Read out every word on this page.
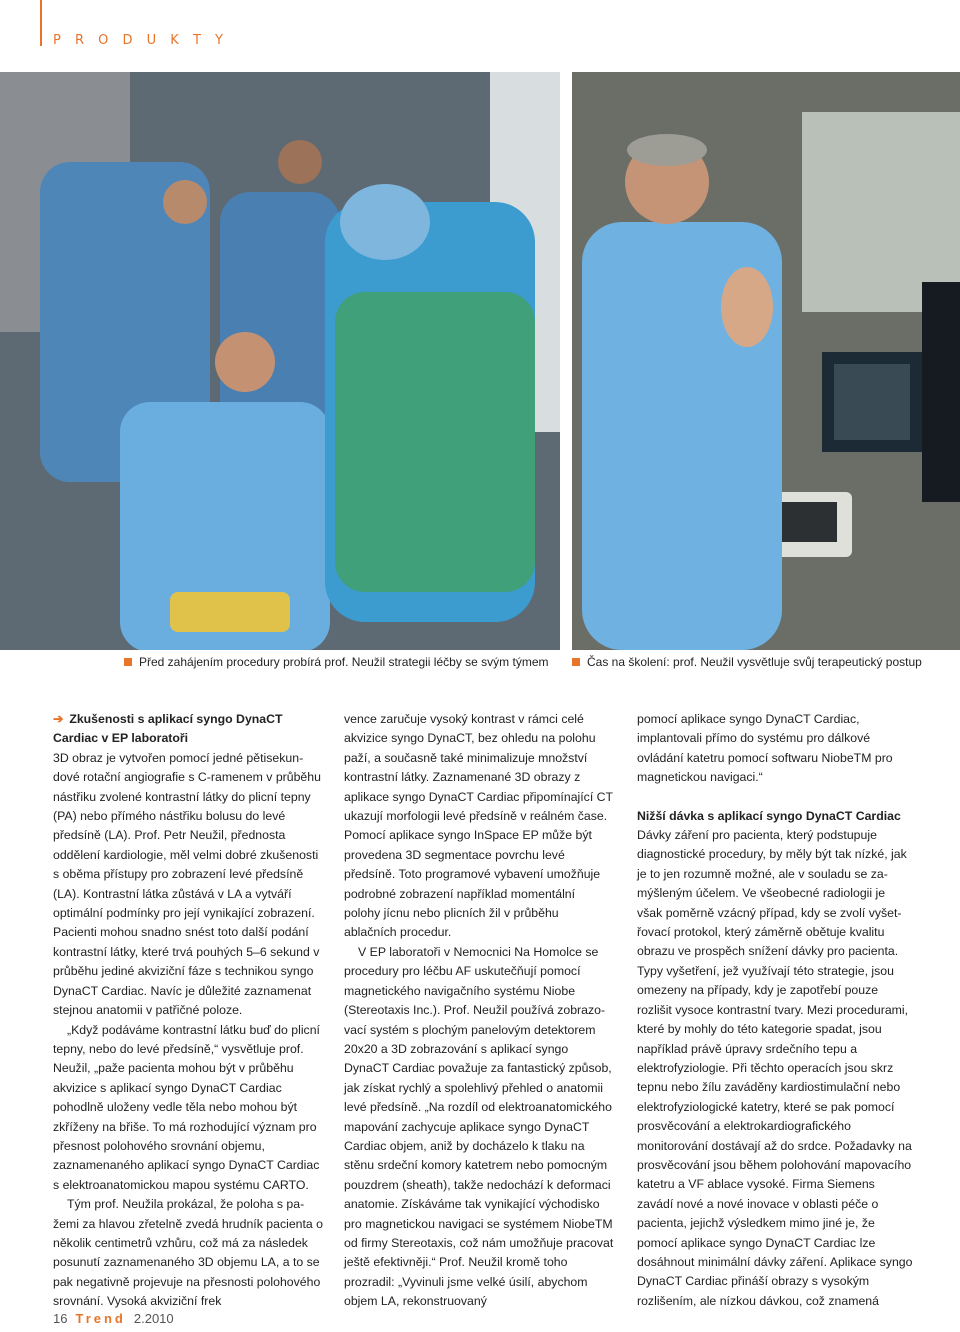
P R O D U K T Y
Před zahájením procedury probírá prof. Neužil strategii léčby se svým týmem	Čas na školení: prof. Neužil vysvětluje svůj terapeutický postup

➔ Zkušenosti s aplikací syngo DynaCT
Cardiac v EP laboratoři

3D obraz je vytvořen pomocí jedné pětisekundové rotační angiografie s C-ramenem v průběhu nástřiku zvolené kontrastní látky do plicní tepny (PA) nebo přímého nástřiku bolusu do levé předsíně (LA). Prof. Petr Neužil, přednosta oddělení kardiologie, měl velmi dobré zkušenosti s oběma přístupy pro zobrazení levé předsíně (LA). Kontrastní látka zůstává v LA a vytváří optimální podmínky pro její vynikající zobrazení. Pacienti mohou snadno snést toto další podání kontrastní látky, které trvá pouhých 5–6 sekund v průběhu jediné akviziční fáze s technikou syngo DynaCT Cardiac. Navíc je důležité zaznamenat stejnou anatomii v patřičné poloze.

„Když podáváme kontrastní látku buď do plicní tepny, nebo do levé předsíně,“ vysvětluje prof. Neužil, „paže pacienta mohou být v průběhu akvizice s aplikací syngo DynaCT Cardiac pohodlně uloženy vedle těla nebo mohou být zkříženy na břiše. To má rozhodující význam pro přesnost polohového srovnání objemu, zaznamenaného aplikací syngo DynaCT Cardiac s elektroanatomickou mapou systému CARTO.

Tým prof. Neužila prokázal, že poloha s pažemi za hlavou zřetelně zvedá hrudník pacienta o několik centimetrů vzhůru, což má za následek posunutí zaznamenaného 3D objemu LA, a to se pak negativně projevuje na přesnosti polohového srovnání. Vysoká akviziční frek

vence zaručuje vysoký kontrast v rámci celé akvizice syngo DynaCT, bez ohledu na polohu paží, a současně také minimalizuje množství kontrastní látky. Zaznamenané 3D obrazy z aplikace syngo DynaCT Cardiac připomínající CT ukazují morfologii levé předsíně v reálném čase. Pomocí aplikace syngo InSpace EP může být provedena 3D segmentace povrchu levé předsíně. Toto programové vybavení umožňuje podrobné zobrazení například momentální polohy jícnu nebo plicních žil v průběhu ablačních procedur.

V EP laboratoři v Nemocnici Na Homolce se procedury pro léčbu AF uskutečňují pomocí magnetického navigačního systému Niobe (Stereotaxis Inc.). Prof. Neužil používá zobrazovací systém s plochým panelovým detektorem 20x20 a 3D zobrazování s aplikací syngo DynaCT Cardiac považuje za fantastický způsob, jak získat rychlý a spolehlivý přehled o anatomii levé předsíně. „Na rozdíl od elektroanatomického mapování zachycuje aplikace syngo DynaCT Cardiac objem, aniž by docházelo k tlaku na stěnu srdeční komory katetrem nebo pomocným pouzdrem (sheath), takže nedochází k deformaci anatomie. Získáváme tak vynikající východisko pro magnetickou navigaci se systémem NiobeTM od firmy Stereotaxis, což nám umožňuje pracovat ještě efektivněji.“ Prof. Neužil kromě toho prozradil: „Vyvinuli jsme velké úsilí, abychom objem LA, rekonstruovaný

pomocí aplikace syngo DynaCT Cardiac, implantovali přímo do systému pro dálkové ovládání katetru pomocí softwaru NiobeTM pro magnetickou navigaci.“

Nižší dávka s aplikací syngo DynaCT Cardiac

Dávky záření pro pacienta, který podstupuje diagnostické procedury, by měly být tak nízké, jak je to jen rozumně možné, ale v souladu se zamýšleným účelem. Ve všeobecné radiologii je však poměrně vzácný případ, kdy se zvolí vyšetřovací protokol, který záměrně obětuje kvalitu obrazu ve prospěch snížení dávky pro pacienta. Typy vyšetření, jež využívají této strategie, jsou omezeny na případy, kdy je zapotřebí pouze rozlišit vysoce kontrastní tvary. Mezi procedurami, které by mohly do této kategorie spadat, jsou například právě úpravy srdečního tepu a elektrofyziologie. Při těchto operacích jsou skrz tepnu nebo žílu zaváděny kardiostimulační nebo elektrofyziologické katetry, které se pak pomocí prosvěcování a elektrokardiografického monitorování dostávají až do srdce. Požadavky na prosvěcování jsou během polohování mapovacího katetru a VF ablace vysoké. Firma Siemens zavádí nové a nové inovace v oblasti péče o pacienta, jejichž výsledkem mimo jiné je, že pomocí aplikace syngo DynaCT Cardiac lze dosáhnout minimální dávky záření. Aplikace syngo DynaCT Cardiac přináší obrazy s vysokým rozlišením, ale nízkou dávkou, což znamená

16 Trend 2.2010
